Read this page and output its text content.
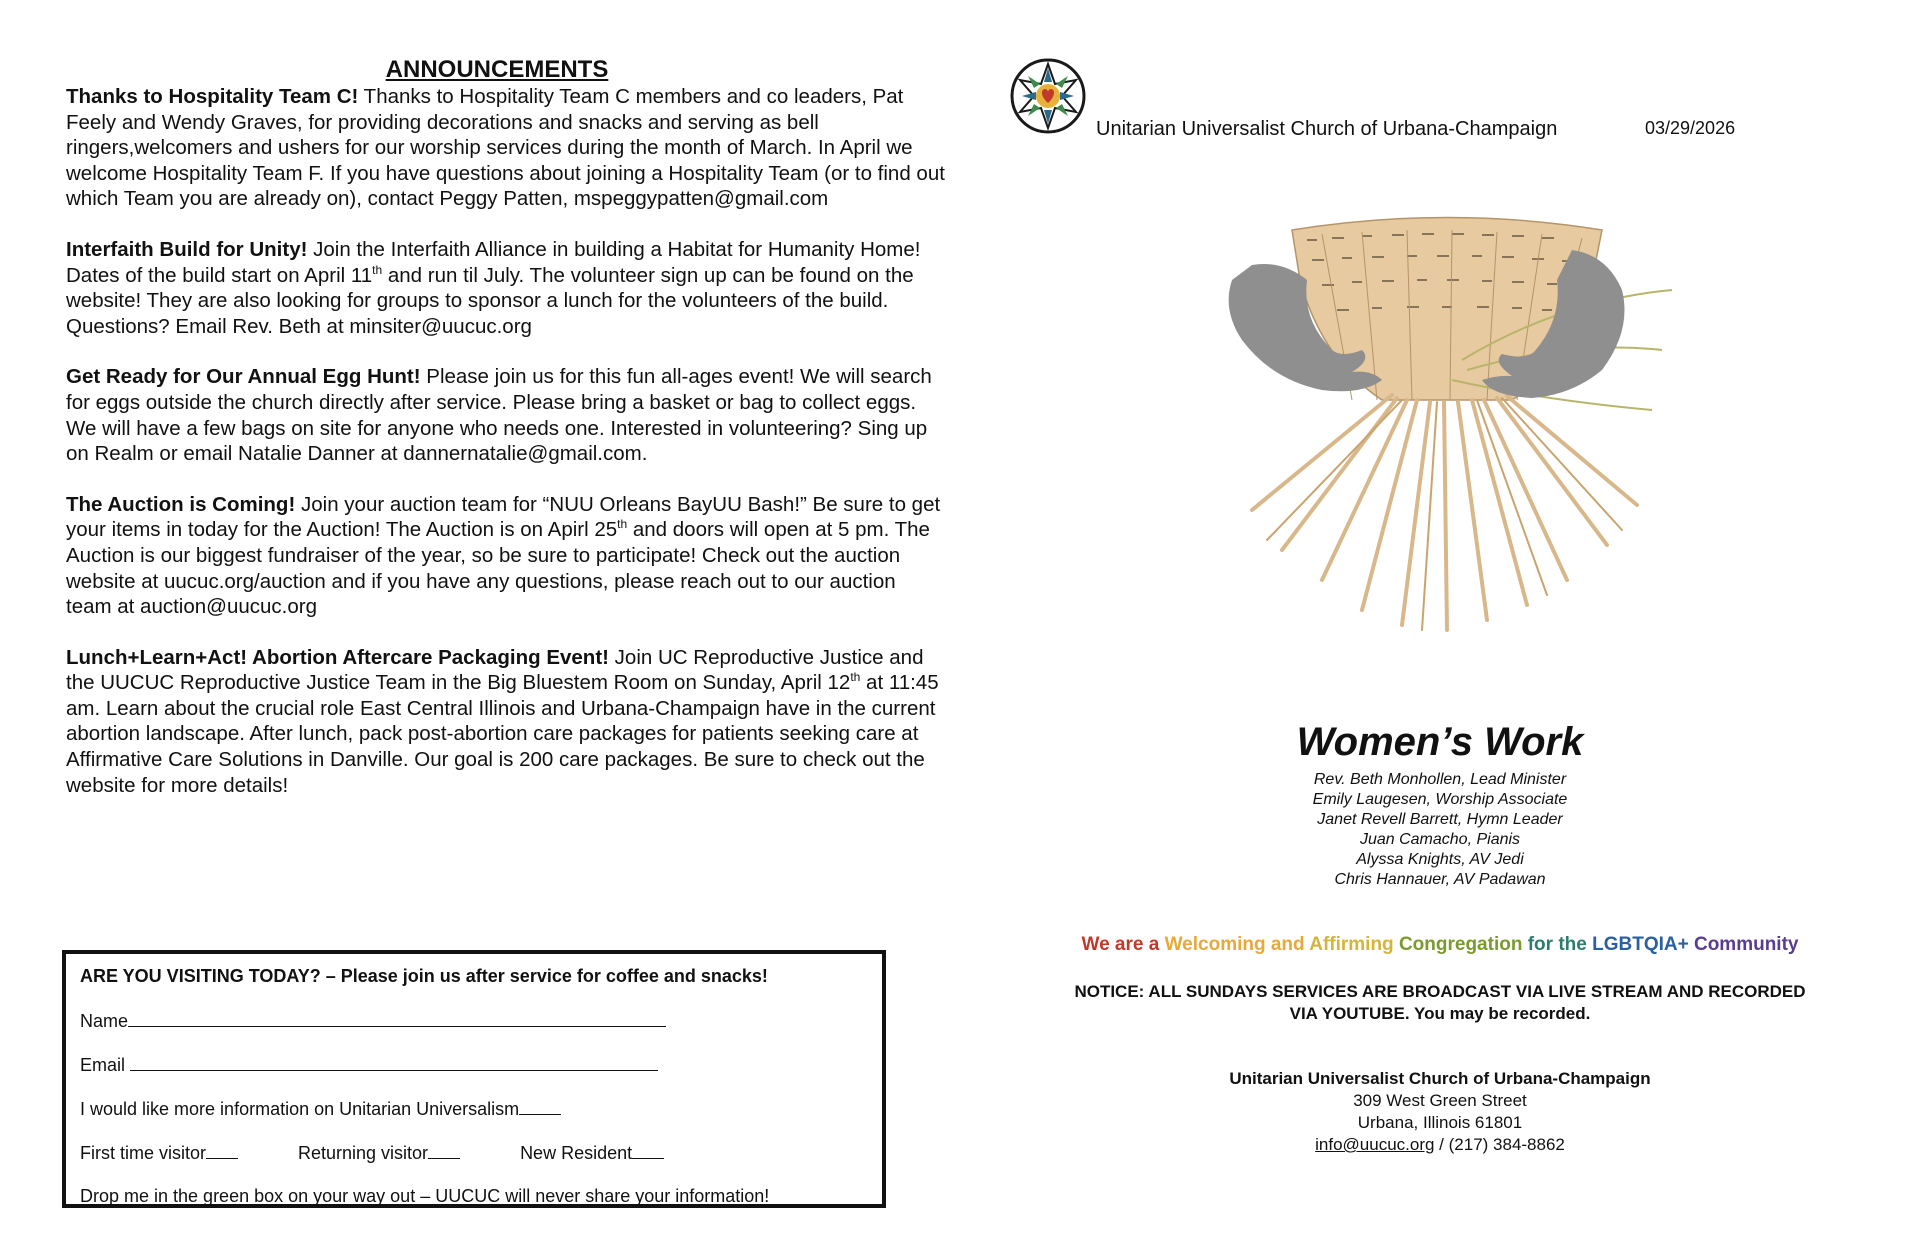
ANNOUNCEMENTS

Thanks to Hospitality Team C! Thanks to Hospitality Team C members and co leaders, Pat Feely and Wendy Graves, for providing decorations and snacks and serving as bell ringers,welcomers and ushers for our worship services during the month of March. In April we welcome Hospitality Team F. If you have questions about joining a Hospitality Team (or to find out which Team you are already on), contact Peggy Patten, mspeggypatten@gmail.com

Interfaith Build for Unity! Join the Interfaith Alliance in building a Habitat for Humanity Home! Dates of the build start on April 11th and run til July. The volunteer sign up can be found on the website! They are also looking for groups to sponsor a lunch for the volunteers of the build. Questions? Email Rev. Beth at minsiter@uucuc.org

Get Ready for Our Annual Egg Hunt! Please join us for this fun all-ages event! We will search for eggs outside the church directly after service. Please bring a basket or bag to collect eggs. We will have a few bags on site for anyone who needs one. Interested in volunteering? Sing up on Realm or email Natalie Danner at dannernatalie@gmail.com.

The Auction is Coming! Join your auction team for “NUU Orleans BayUU Bash!” Be sure to get your items in today for the Auction! The Auction is on Apirl 25th and doors will open at 5 pm. The Auction is our biggest fundraiser of the year, so be sure to participate! Check out the auction website at uucuc.org/auction and if you have any questions, please reach out to our auction team at auction@uucuc.org

Lunch+Learn+Act! Abortion Aftercare Packaging Event! Join UC Reproductive Justice and the UUCUC Reproductive Justice Team in the Big Bluestem Room on Sunday, April 12th at 11:45 am. Learn about the crucial role East Central Illinois and Urbana-Champaign have in the current abortion landscape. After lunch, pack post-abortion care packages for patients seeking care at Affirmative Care Solutions in Danville. Our goal is 200 care packages. Be sure to check out the website for more details!

ARE YOU VISITING TODAY? – Please join us after service for coffee and snacks!
Name
Email
I would like more information on Unitarian Universalism
First time visitor	Returning visitor	New Resident
Drop me in the green box on your way out – UUCUC will never share your information!
Unitarian Universalist Church of Urbana-Champaign	03/29/2026
Women’s Work
Rev. Beth Monhollen, Lead Minister
Emily Laugesen, Worship Associate
Janet Revell Barrett, Hymn Leader
Juan Camacho, Pianis
Alyssa Knights, AV Jedi
Chris Hannauer, AV Padawan
We are a Welcoming and Affirming Congregation for the LGBTQIA+ Community
NOTICE: ALL SUNDAYS SERVICES ARE BROADCAST VIA LIVE STREAM AND RECORDED
VIA YOUTUBE. You may be recorded.
Unitarian Universalist Church of Urbana-Champaign
309 West Green Street
Urbana, Illinois 61801
info@uucuc.org / (217) 384-8862
